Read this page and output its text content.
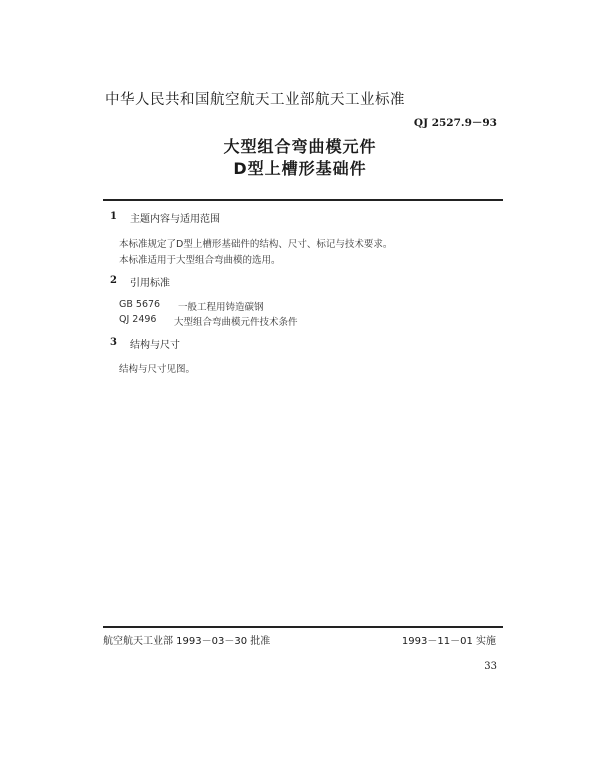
中华人民共和国航空航天工业部航天工业标准
QJ 2527.9－93
大型组合弯曲模元件
D型上槽形基础件
1 主题内容与适用范围
本标准规定了D型上槽形基础件的结构、尺寸、标记与技术要求。
本标准适用于大型组合弯曲模的选用。
2 引用标准
GB 5676 一般工程用铸造碳钢
QJ 2496 大型组合弯曲模元件技术条件
3 结构与尺寸
结构与尺寸见图。
航空航天工业部 1993－03－30 批准	1993－11－01 实施
33
